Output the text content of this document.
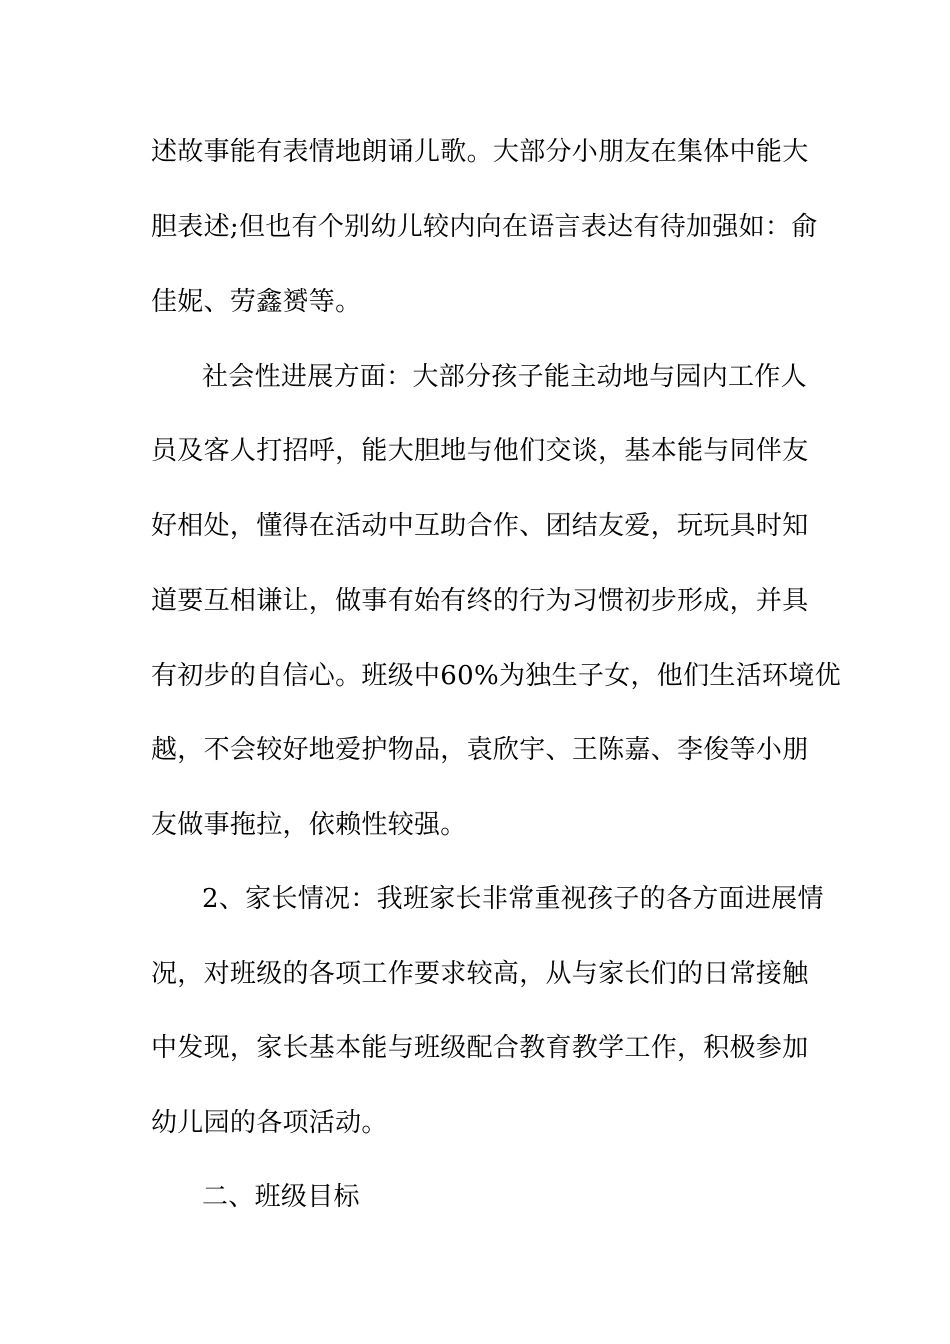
述故事能有表情地朗诵儿歌。大部分小朋友在集体中能大
胆表述;但也有个别幼儿较内向在语言表达有待加强如：俞
佳妮、劳鑫赟等。
社会性进展方面：大部分孩子能主动地与园内工作人
员及客人打招呼，能大胆地与他们交谈，基本能与同伴友
好相处，懂得在活动中互助合作、团结友爱，玩玩具时知
道要互相谦让，做事有始有终的行为习惯初步形成，并具
有初步的自信心。班级中60%为独生子女，他们生活环境优
越，不会较好地爱护物品，袁欣宇、王陈嘉、李俊等小朋
友做事拖拉，依赖性较强。
2、家长情况：我班家长非常重视孩子的各方面进展情
况，对班级的各项工作要求较高，从与家长们的日常接触
中发现，家长基本能与班级配合教育教学工作，积极参加
幼儿园的各项活动。
二、班级目标
